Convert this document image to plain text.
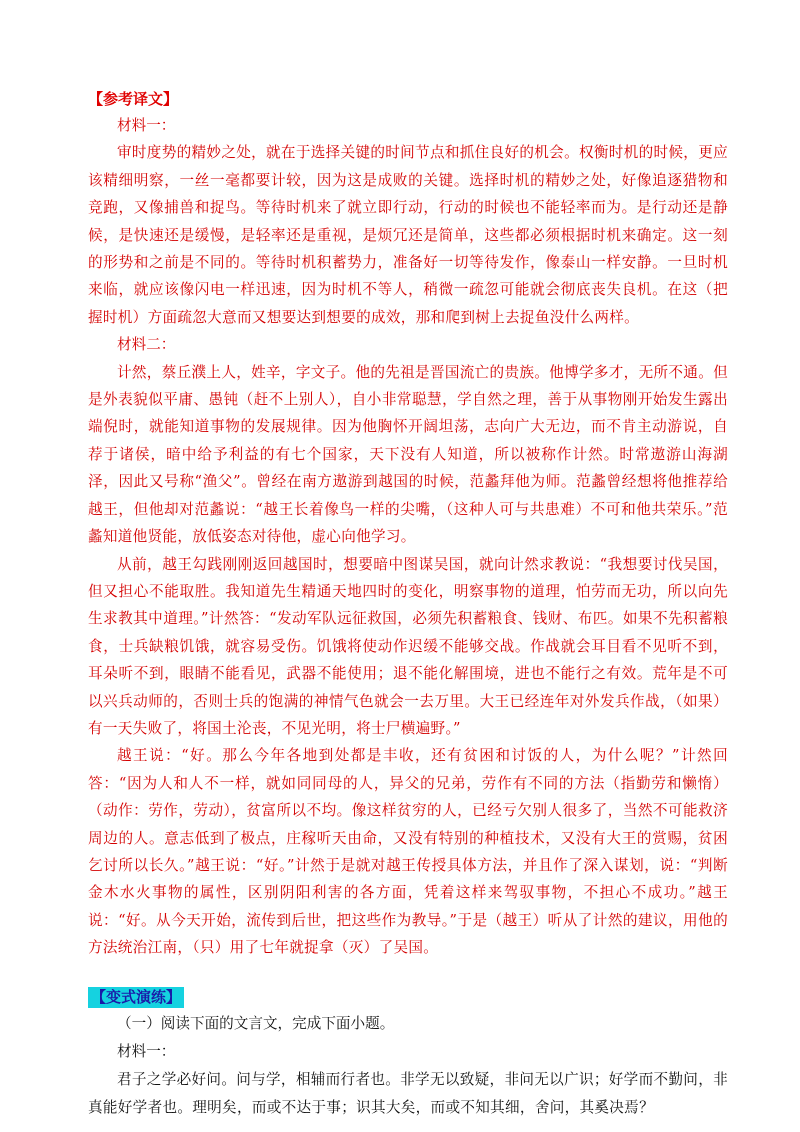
【参考译文】

材料一：

审时度势的精妙之处，就在于选择关键的时间节点和抓住良好的机会。权衡时机的时候，更应该精细明察，一丝一毫都要计较，因为这是成败的关键。选择时机的精妙之处，好像追逐猎物和竞跑，又像捕兽和捉鸟。等待时机来了就立即行动，行动的时候也不能轻率而为。是行动还是静候，是快速还是缓慢，是轻率还是重视，是烦冗还是简单，这些都必须根据时机来确定。这一刻的形势和之前是不同的。等待时机积蓄势力，准备好一切等待发作，像泰山一样安静。一旦时机来临，就应该像闪电一样迅速，因为时机不等人，稍微一疏忽可能就会彻底丧失良机。在这（把握时机）方面疏忽大意而又想要达到想要的成效，那和爬到树上去捉鱼没什么两样。

材料二：

计然，蔡丘濮上人，姓辛，字文子。他的先祖是晋国流亡的贵族。他博学多才，无所不通。但是外表貌似平庸、愚钝（赶不上别人），自小非常聪慧，学自然之理，善于从事物刚开始发生露出端倪时，就能知道事物的发展规律。因为他胸怀开阔坦荡，志向广大无边，而不肯主动游说，自荐于诸侯，暗中给予利益的有七个国家，天下没有人知道，所以被称作计然。时常遨游山海湖泽，因此又号称“渔父”。曾经在南方遨游到越国的时候，范蠡拜他为师。范蠡曾经想将他推荐给越王，但他却对范蠡说：“越王长着像鸟一样的尖嘴，（这种人可与共患难）不可和他共荣乐。”范蠡知道他贤能，放低姿态对待他，虚心向他学习。

从前，越王勾践刚刚返回越国时，想要暗中图谋吴国，就向计然求教说：“我想要讨伐吴国，但又担心不能取胜。我知道先生精通天地四时的变化，明察事物的道理，怕劳而无功，所以向先生求教其中道理。”计然答：“发动军队远征救国，必须先积蓄粮食、钱财、布匹。如果不先积蓄粮食，士兵缺粮饥饿，就容易受伤。饥饿将使动作迟缓不能够交战。作战就会耳目看不见听不到，耳朵听不到，眼睛不能看见，武器不能使用；退不能化解围境，进也不能行之有效。荒年是不可以兴兵动师的，否则士兵的饱满的神情气色就会一去万里。大王已经连年对外发兵作战，（如果）有一天失败了，将国土沦丧，不见光明，将士尸横遍野。”

越王说：“好。那么今年各地到处都是丰收，还有贫困和讨饭的人，为什么呢？”计然回答：“因为人和人不一样，就如同同母的人，异父的兄弟，劳作有不同的方法（指勤劳和懒惰）（动作：劳作，劳动），贫富所以不均。像这样贫穷的人，已经亏欠别人很多了，当然不可能救济周边的人。意志低到了极点，庄稼听天由命，又没有特别的种植技术，又没有大王的赏赐，贫困乞讨所以长久。”越王说：“好。”计然于是就对越王传授具体方法，并且作了深入谋划，说：“判断金木水火事物的属性，区别阴阳利害的各方面，凭着这样来驾驭事物，不担心不成功。”越王说：“好。从今天开始，流传到后世，把这些作为教导。”于是（越王）听从了计然的建议，用他的方法统治江南，（只）用了七年就捉拿（灭）了吴国。

【变式演练】

（一）阅读下面的文言文，完成下面小题。

材料一：

君子之学必好问。问与学，相辅而行者也。非学无以致疑，非问无以广识；好学而不勤问，非真能好学者也。理明矣，而或不达于事；识其大矣，而或不知其细，舍问，其奚决焉？
